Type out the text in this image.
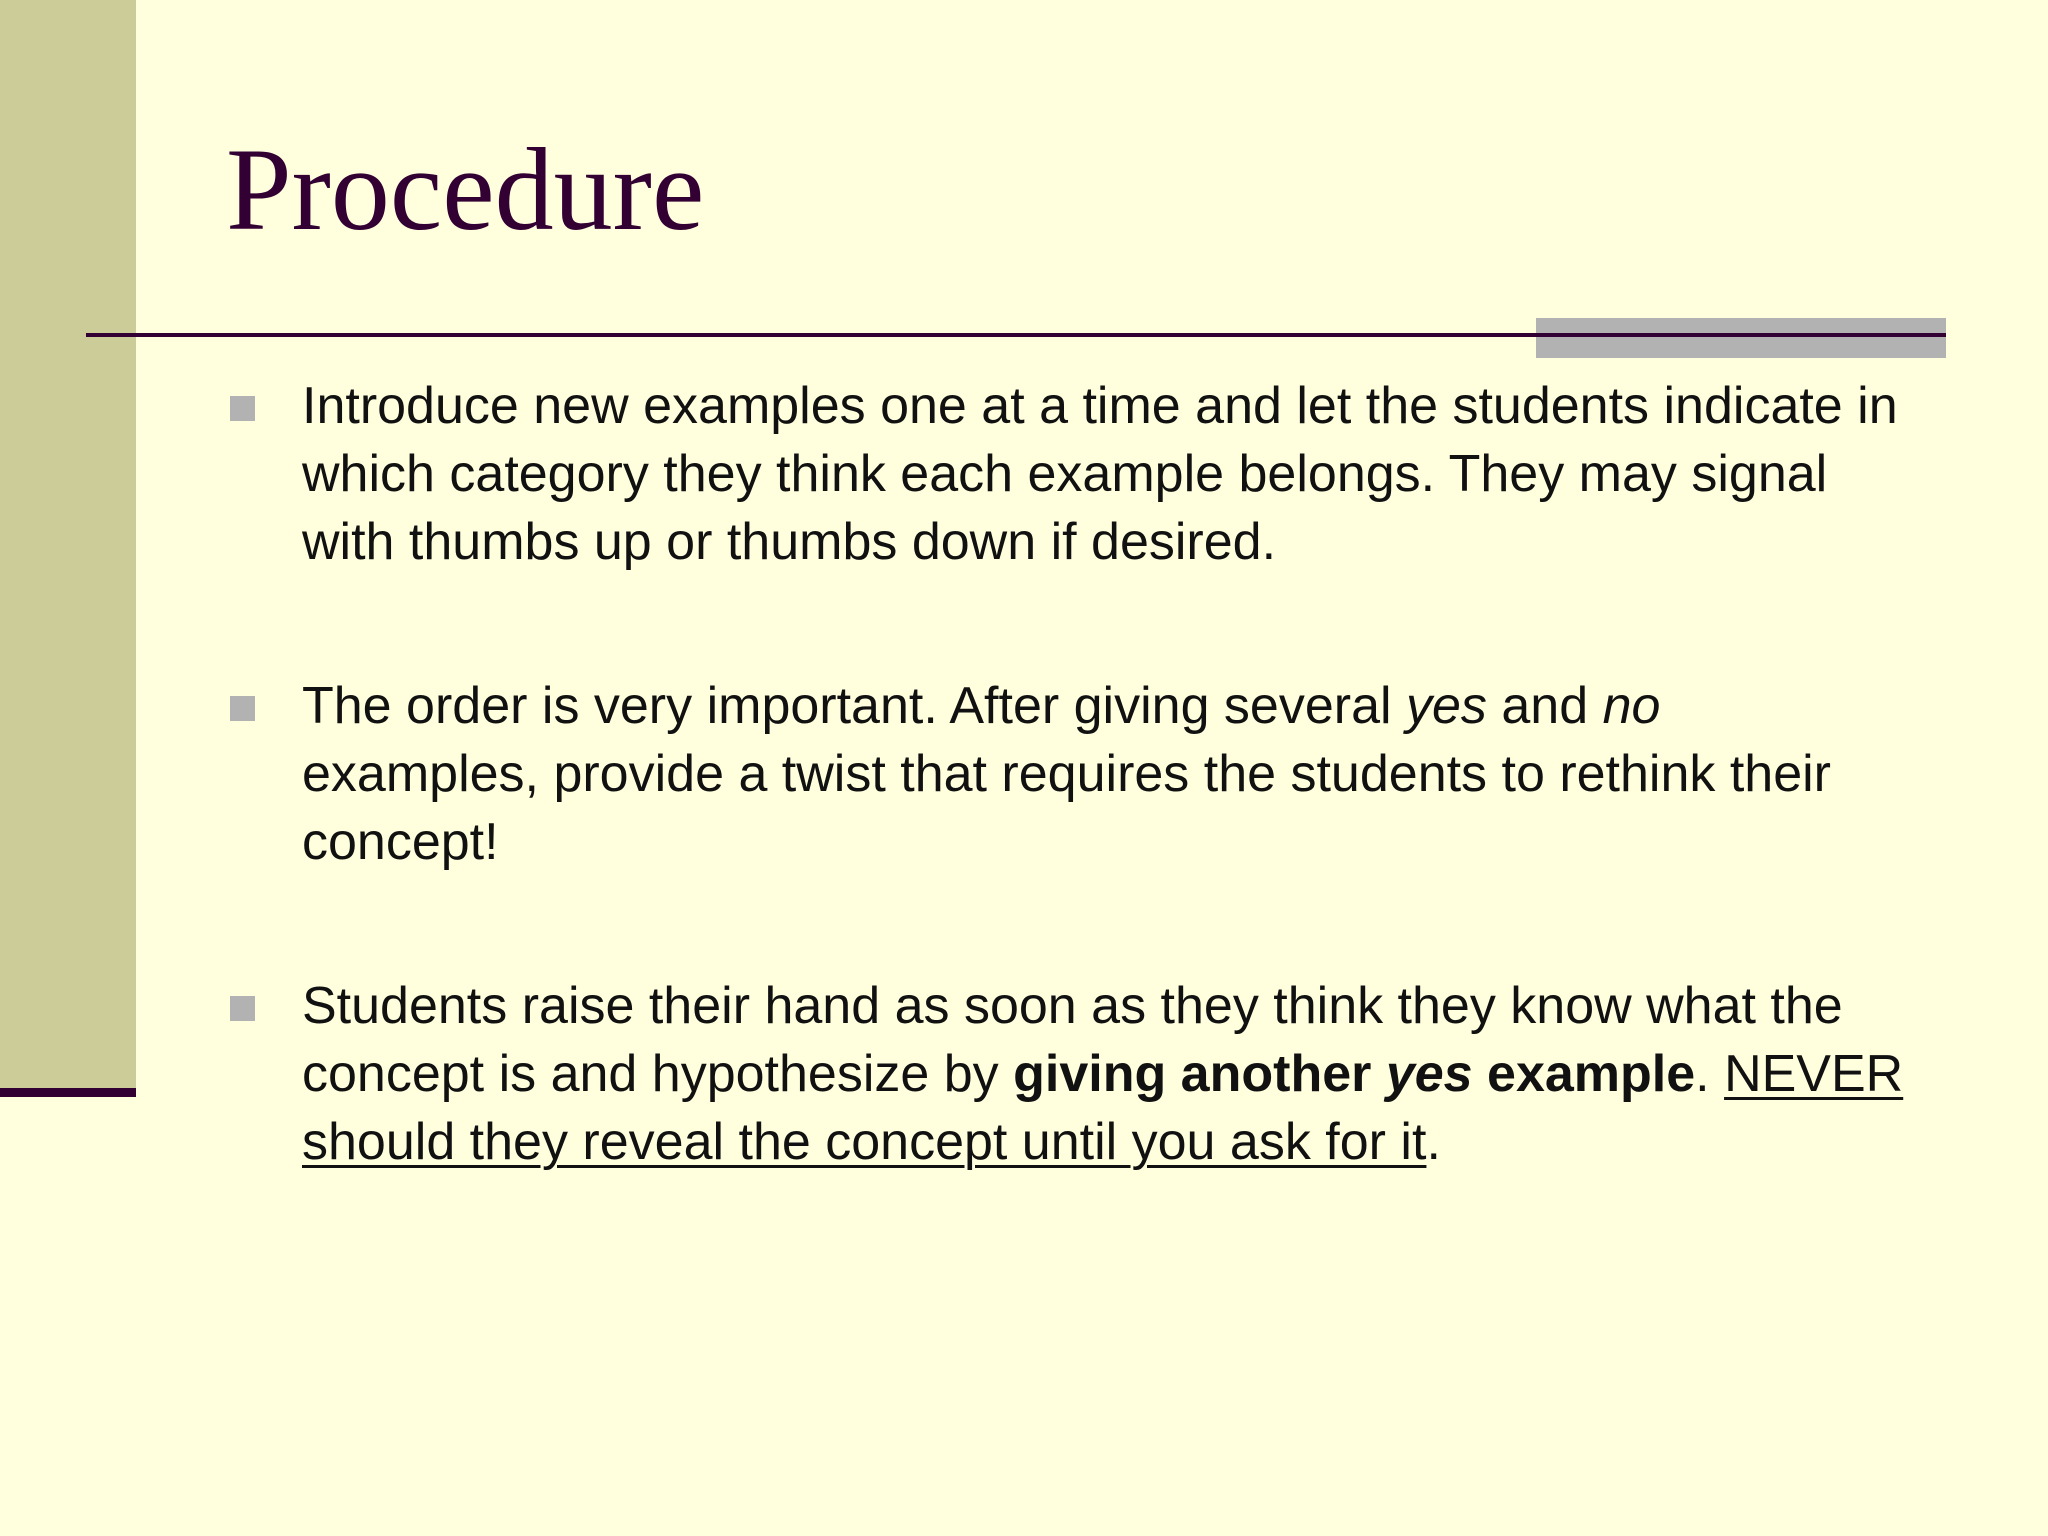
Procedure
Introduce new examples one at a time and let the students indicate in which category they think each example belongs. They may signal with thumbs up or thumbs down if desired.
The order is very important. After giving several yes and no examples, provide a twist that requires the students to rethink their concept!
Students raise their hand as soon as they think they know what the concept is and hypothesize by giving another yes example. NEVER should they reveal the concept until you ask for it.
